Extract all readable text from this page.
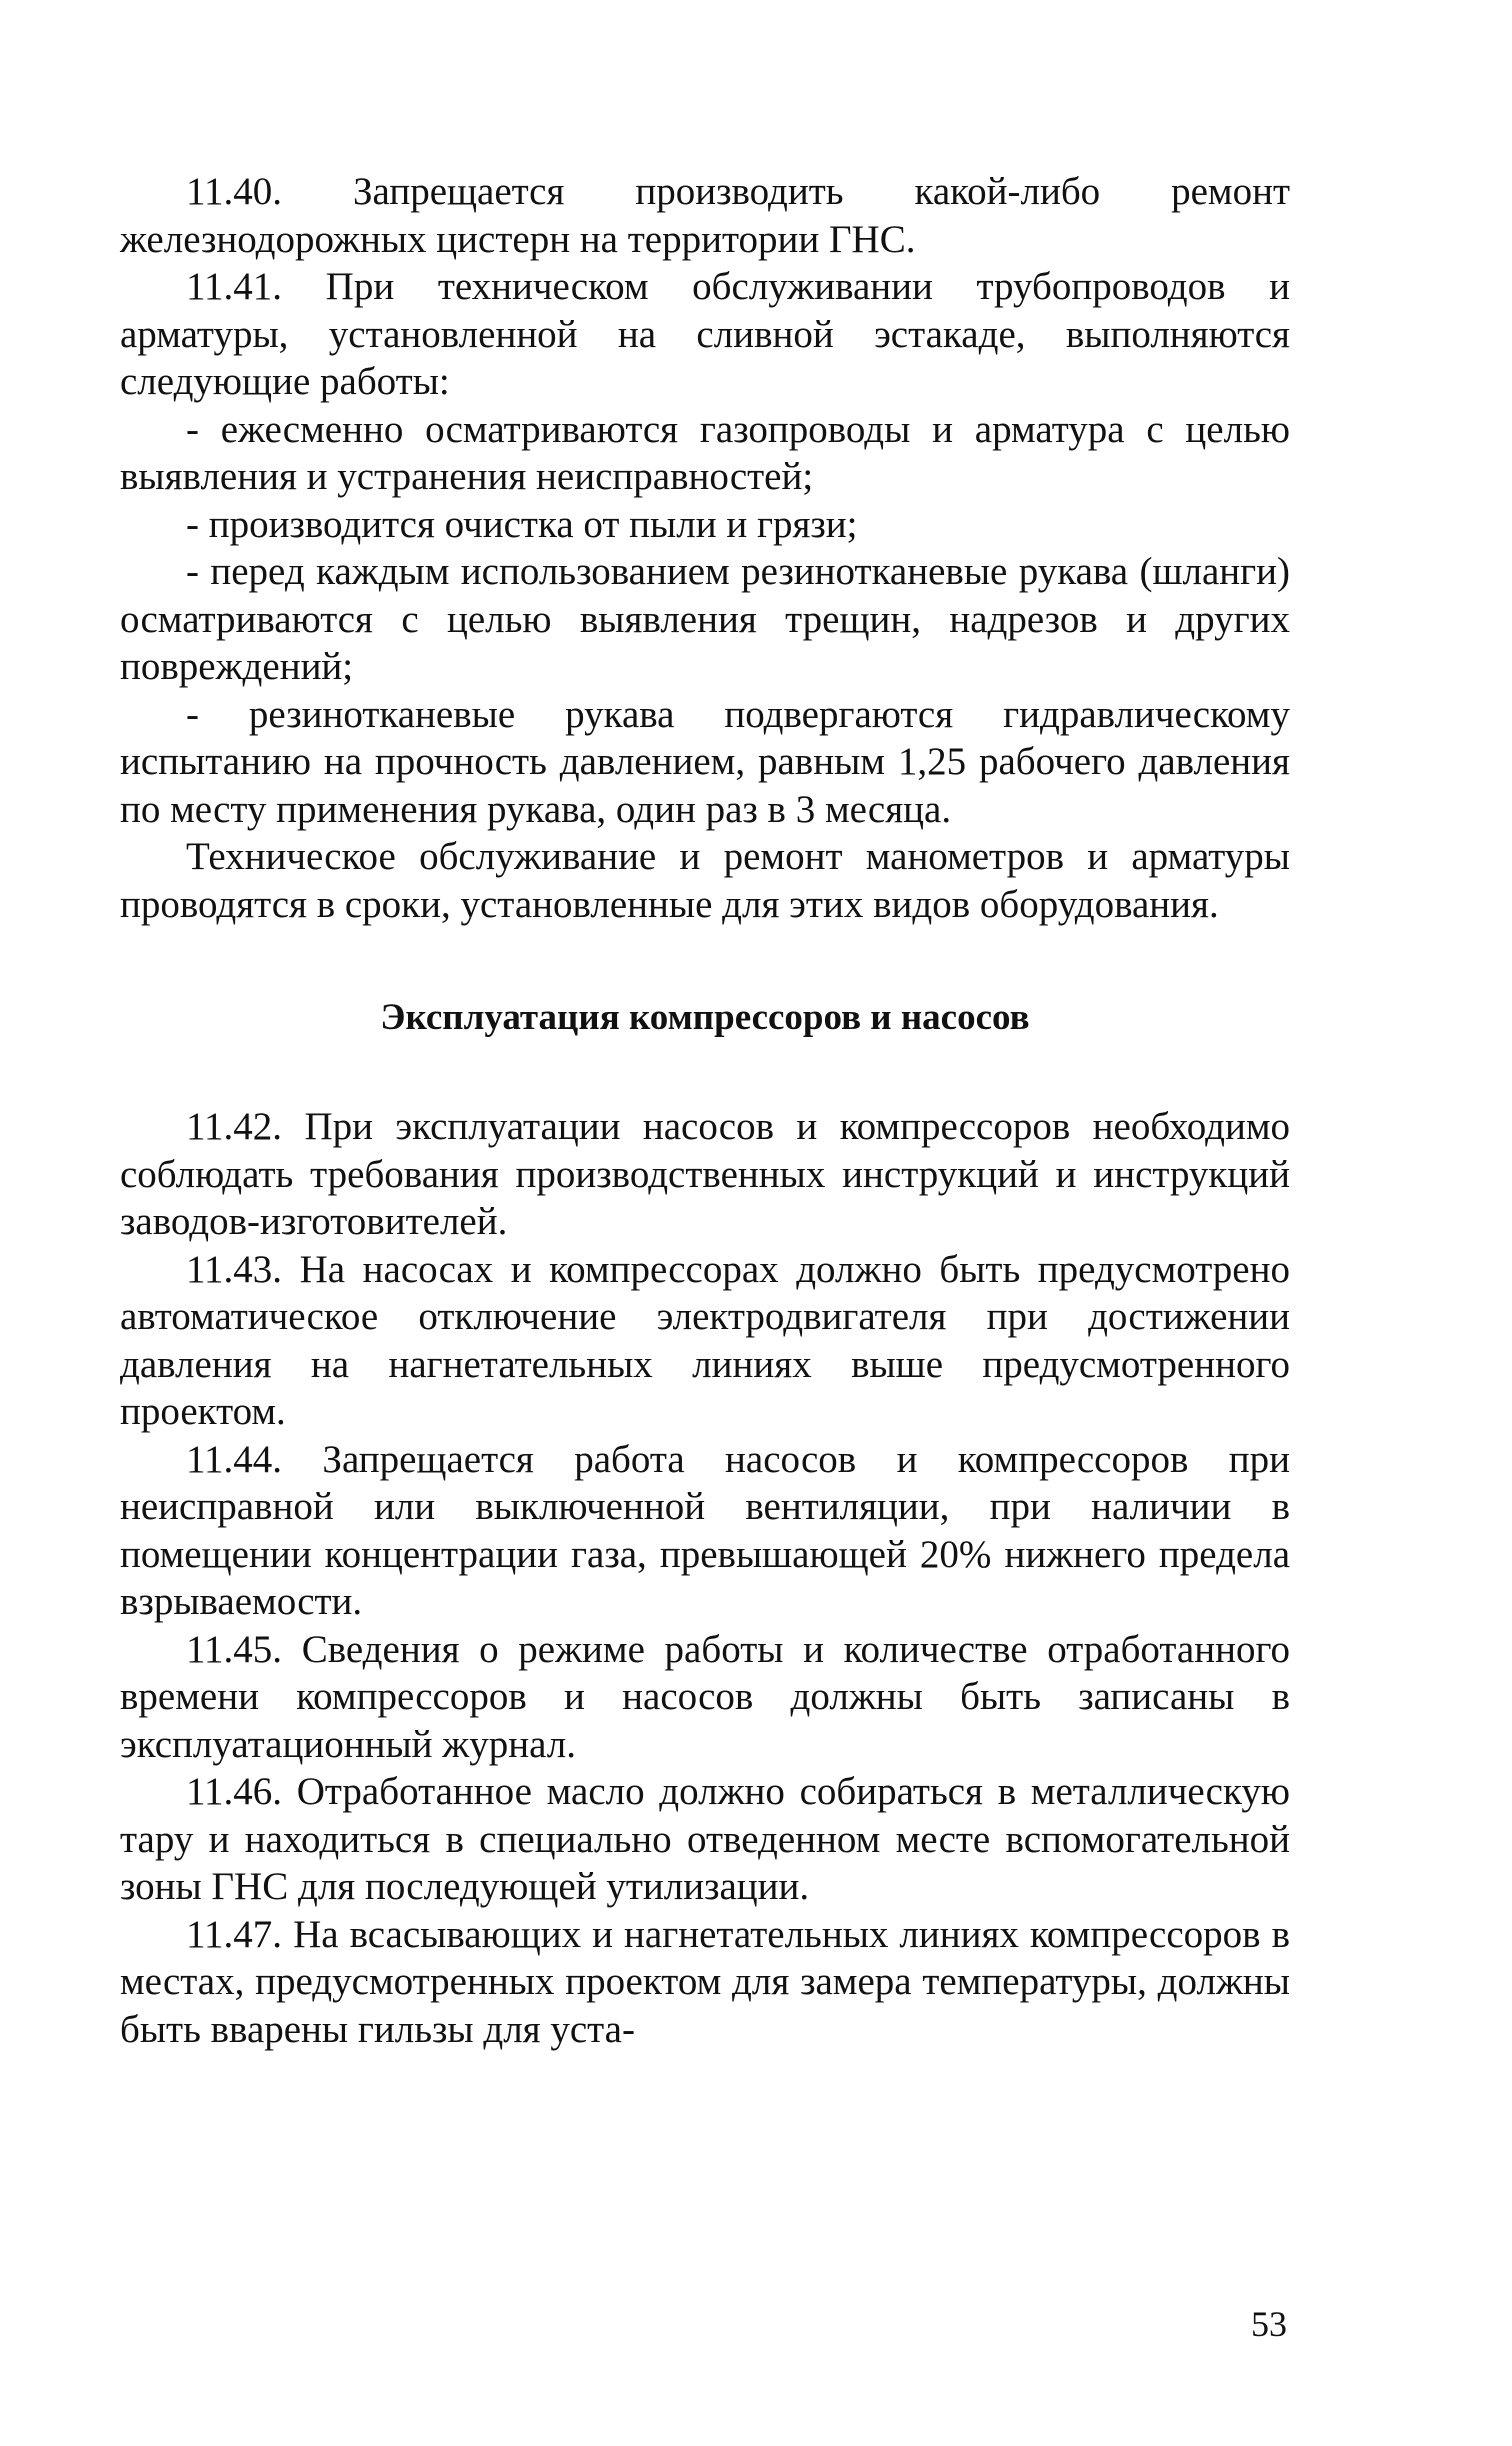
11.40. Запрещается производить какой-либо ремонт железнодорожных цистерн на территории ГНС.

11.41. При техническом обслуживании трубопроводов и арматуры, установленной на сливной эстакаде, выполняются следующие работы:

- ежесменно осматриваются газопроводы и арматура с целью выявления и устранения неисправностей;

- производится очистка от пыли и грязи;

- перед каждым использованием резинотканевые рукава (шланги) осматриваются с целью выявления трещин, надрезов и других повреждений;

- резинотканевые рукава подвергаются гидравлическому испытанию на прочность давлением, равным 1,25 рабочего давления по месту применения рукава, один раз в 3 месяца.

Техническое обслуживание и ремонт манометров и арматуры проводятся в сроки, установленные для этих видов оборудования.

Эксплуатация компрессоров и насосов

11.42. При эксплуатации насосов и компрессоров необходимо соблюдать требования производственных инструкций и инструкций заводов-изготовителей.

11.43. На насосах и компрессорах должно быть предусмотрено автоматическое отключение электродвигателя при достижении давления на нагнетательных линиях выше предусмотренного проектом.

11.44. Запрещается работа насосов и компрессоров при неисправной или выключенной вентиляции, при наличии в помещении концентрации газа, превышающей 20% нижнего предела взрываемости.

11.45. Сведения о режиме работы и количестве отработанного времени компрессоров и насосов должны быть записаны в эксплуатационный журнал.

11.46. Отработанное масло должно собираться в металлическую тару и находиться в специально отведенном месте вспомогательной зоны ГНС для последующей утилизации.

11.47. На всасывающих и нагнетательных линиях компрессоров в местах, предусмотренных проектом для замера температуры, должны быть вварены гильзы для уста-

53
